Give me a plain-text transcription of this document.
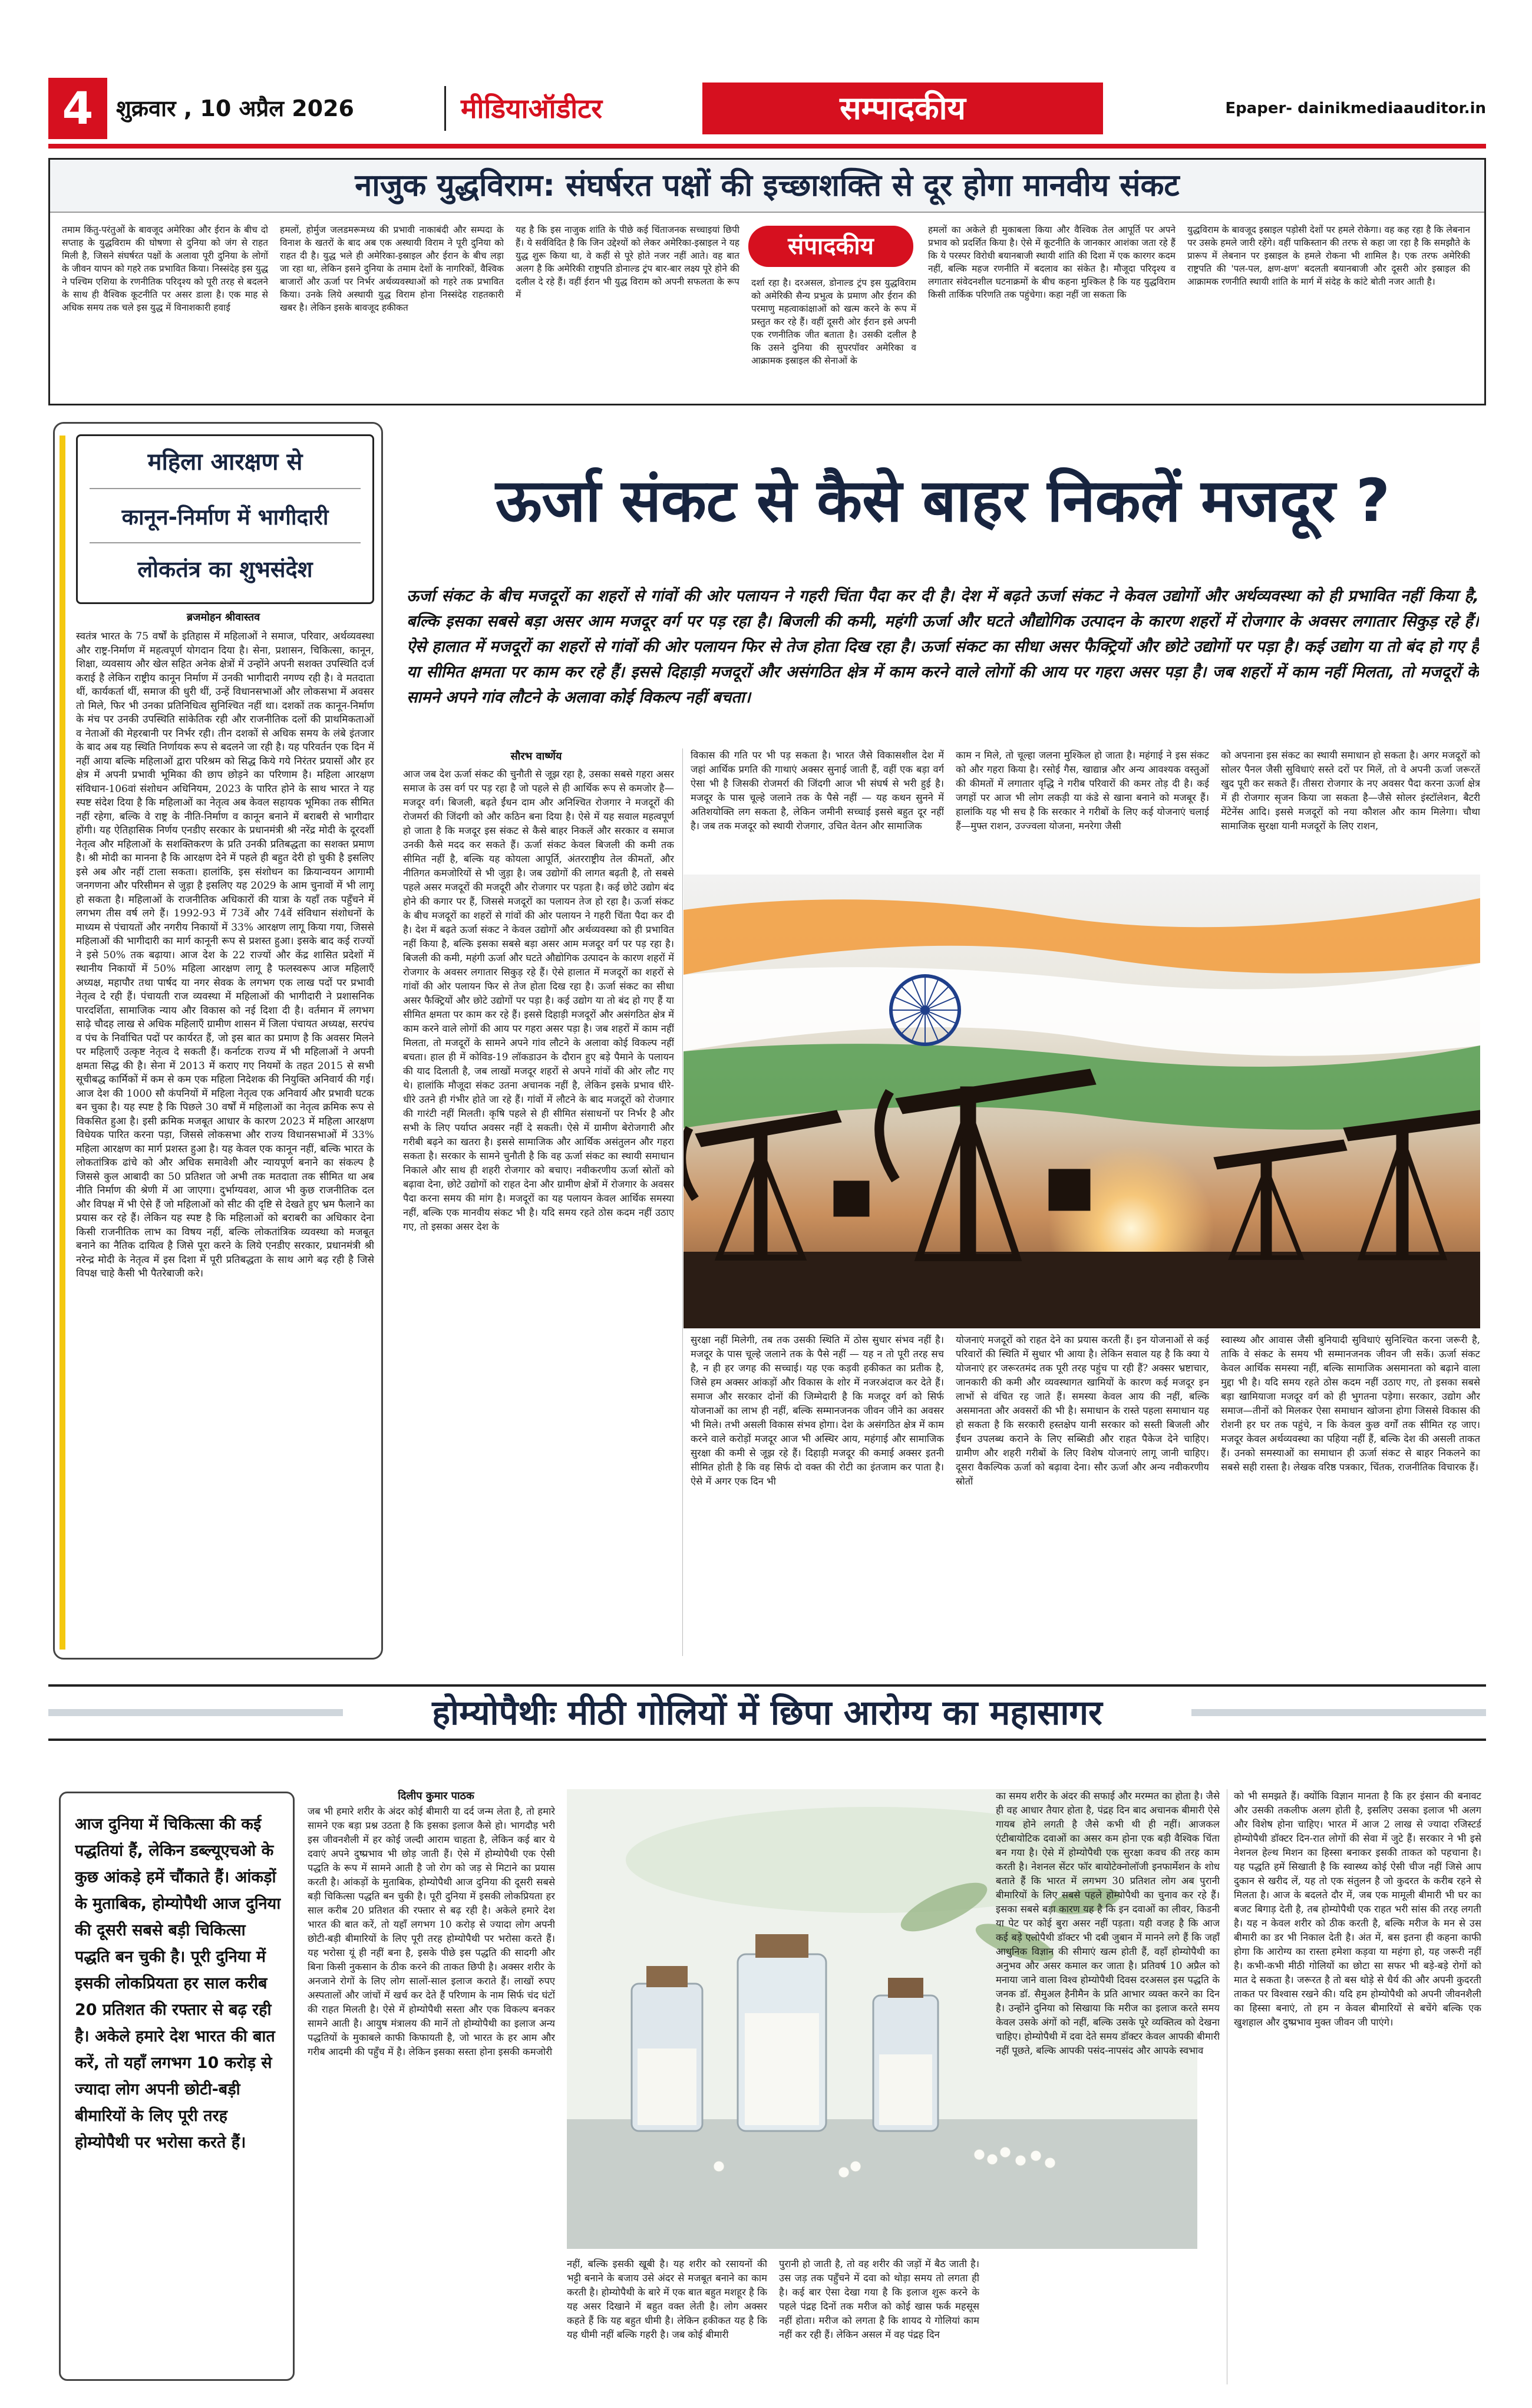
4	शुक्रवार , 10 अप्रैल 2026	मीडियाऑडीटर	सम्पादकीय	Epaper- dainikmediaauditor.in
नाजुक युद्धविराम: संघर्षरत पक्षों की इच्छाशक्ति से दूर होगा मानवीय संकट
तमाम किंतु-परंतुओं के बावजूद अमेरिका और ईरान के बीच दो सप्ताह के युद्धविराम की घोषणा से दुनिया को जंग से राहत मिली है, जिसने संघर्षरत पक्षों के अलावा पूरी दुनिया के लोगों के जीवन यापन को गहरे तक प्रभावित किया। निस्संदेह इस युद्ध ने पश्चिम एशिया के रणनीतिक परिदृश्य को पूरी तरह से बदलने के साथ ही वैश्विक कूटनीति पर असर डाला है। एक माह से अधिक समय तक चले इस युद्ध में विनाशकारी हवाई
हमलों, होर्मुज जलडमरूमध्य की प्रभावी नाकाबंदी और सम्पदा के विनाश के खतरों के बाद अब एक अस्थायी विराम ने पूरी दुनिया को राहत दी है। युद्ध भले ही अमेरिका-इस्राइल और ईरान के बीच लड़ा जा रहा था, लेकिन इसने दुनिया के तमाम देशों के नागरिकों, वैश्विक बाजारों और ऊर्जा पर निर्भर अर्थव्यवस्थाओं को गहरे तक प्रभावित किया। उनके लिये अस्थायी युद्ध विराम होना निस्संदेह राहतकारी खबर है। लेकिन इसके बावजूद हकीकत
यह है कि इस नाजुक शांति के पीछे कई चिंताजनक सच्चाइयां छिपी हैं। ये सर्वविदित है कि जिन उद्देश्यों को लेकर अमेरिका-इस्राइल ने यह युद्ध शुरू किया था, वे कहीं से पूरे होते नजर नहीं आते। वह बात अलग है कि अमेरिकी राष्ट्रपति डोनाल्ड ट्रंप बार-बार लक्ष्य पूरे होने की दलील दे रहे हैं। वहीं ईरान भी युद्ध विराम को अपनी सफलता के रूप में
संपादकीय
दर्शा रहा है। दरअसल, डोनाल्ड ट्रंप इस युद्धविराम को अमेरिकी सैन्य प्रभुत्व के प्रमाण और ईरान की परमाणु महत्वाकांक्षाओं को खत्म करने के रूप में प्रस्तुत कर रहे हैं। वहीं दूसरी ओर ईरान इसे अपनी एक रणनीतिक जीत बताता है। उसकी दलील है कि उसने दुनिया की सुपरपॉवर अमेरिका व आक्रामक इस्राइल की सेनाओं के
हमलों का अकेले ही मुकाबला किया और वैश्विक तेल आपूर्ति पर अपने प्रभाव को प्रदर्शित किया है। ऐसे में कूटनीति के जानकार आशंका जता रहे हैं कि ये परस्पर विरोधी बयानबाजी स्थायी शांति की दिशा में एक कारगर कदम नहीं, बल्कि महज रणनीति में बदलाव का संकेत है। मौजूदा परिदृश्य व लगातार संवेदनशील घटनाक्रमों के बीच कहना मुश्किल है कि यह युद्धविराम किसी तार्किक परिणति तक पहुंचेगा। कहा नहीं जा सकता कि
युद्धविराम के बावजूद इस्राइल पड़ोसी देशों पर हमले रोकेगा। वह कह रहा है कि लेबनान पर उसके हमले जारी रहेंगे। वहीं पाकिस्तान की तरफ से कहा जा रहा है कि समझौते के प्रारूप में लेबनान पर इस्राइल के हमले रोकना भी शामिल है। एक तरफ अमेरिकी राष्ट्रपति की 'पल-पल, क्षण-क्षण' बदलती बयानबाजी और दूसरी ओर इस्राइल की आक्रामक रणनीति स्थायी शांति के मार्ग में संदेह के कांटे बोती नजर आती है।
महिला आरक्षण से
कानून-निर्माण में भागीदारी
लोकतंत्र का शुभसंदेश
ब्रजमोहन श्रीवास्तव
स्वतंत्र भारत के 75 वर्षों के इतिहास में महिलाओं ने समाज, परिवार, अर्थव्यवस्था और राष्ट्र-निर्माण में महत्वपूर्ण योगदान दिया है। सेना, प्रशासन, चिकित्सा, कानून, शिक्षा, व्यवसाय और खेल सहित अनेक क्षेत्रों में उन्होंने अपनी सशक्त उपस्थिति दर्ज कराई है लेकिन राष्ट्रीय कानून निर्माण में उनकी भागीदारी नगण्य रही है। वे मतदाता थीं, कार्यकर्ता थीं, समाज की धुरी थीं, उन्हें विधानसभाओं और लोकसभा में अवसर तो मिले, फिर भी उनका प्रतिनिधित्व सुनिश्चित नहीं था। दशकों तक कानून-निर्माण के मंच पर उनकी उपस्थिति सांकेतिक रही और राजनीतिक दलों की प्राथमिकताओं व नेताओं की मेहरबानी पर निर्भर रही। तीन दशकों से अधिक समय के लंबे इंतजार के बाद अब यह स्थिति निर्णायक रूप से बदलने जा रही है। यह परिवर्तन एक दिन में नहीं आया बल्कि महिलाओं द्वारा परिश्रम को सिद्ध किये गये निरंतर प्रयासों और हर क्षेत्र में अपनी प्रभावी भूमिका की छाप छोड़ने का परिणाम है। महिला आरक्षण संविधान-106वां संशोधन अधिनियम, 2023 के पारित होने के साथ भारत ने यह स्पष्ट संदेश दिया है कि महिलाओं का नेतृत्व अब केवल सहायक भूमिका तक सीमित नहीं रहेगा, बल्कि वे राष्ट्र के नीति-निर्माण व कानून बनाने में बराबरी से भागीदार होंगी। यह ऐतिहासिक निर्णय एनडीए सरकार के प्रधानमंत्री श्री नरेंद्र मोदी के दूरदर्शी नेतृत्व और महिलाओं के सशक्तिकरण के प्रति उनकी प्रतिबद्धता का सशक्त प्रमाण है। श्री मोदी का मानना है कि आरक्षण देने में पहले ही बहुत देरी हो चुकी है इसलिए इसे अब और नहीं टाला सकता। हालांकि, इस संशोधन का क्रियान्वयन आगामी जनगणना और परिसीमन से जुड़ा है इसलिए यह 2029 के आम चुनावों में भी लागू हो सकता है। महिलाओं के राजनीतिक अधिकारों की यात्रा के यहाँ तक पहुँचने में लगभग तीस वर्ष लगे हैं। 1992-93 में 73वें और 74वें संविधान संशोधनों के माध्यम से पंचायतों और नगरीय निकायों में 33% आरक्षण लागू किया गया, जिससे महिलाओं की भागीदारी का मार्ग कानूनी रूप से प्रशस्त हुआ। इसके बाद कई राज्यों ने इसे 50% तक बढ़ाया। आज देश के 22 राज्यों और केंद्र शासित प्रदेशों में स्थानीय निकायों में 50% महिला आरक्षण लागू है फलस्वरूप आज महिलाएँ अध्यक्ष, महापौर तथा पार्षद या नगर सेवक के लगभग एक लाख पदों पर प्रभावी नेतृत्व दे रही हैं। पंचायती राज व्यवस्था में महिलाओं की भागीदारी ने प्रशासनिक पारदर्शिता, सामाजिक न्याय और विकास को नई दिशा दी है। वर्तमान में लगभग साढ़े चौदह लाख से अधिक महिलाएँ ग्रामीण शासन में जिला पंचायत अध्यक्ष, सरपंच व पंच के निर्वाचित पदों पर कार्यरत हैं, जो इस बात का प्रमाण है कि अवसर मिलने पर महिलाएँ उत्कृष्ट नेतृत्व दे सकती हैं। कर्नाटक राज्य में भी महिलाओं ने अपनी क्षमता सिद्ध की है। सेना में 2013 में कराए गए नियमों के तहत 2015 से सभी सूचीबद्ध कार्मिकों में कम से कम एक महिला निदेशक की नियुक्ति अनिवार्य की गई। आज देश की 1000 सौ कंपनियों में महिला नेतृत्व एक अनिवार्य और प्रभावी घटक बन चुका है। यह स्पष्ट है कि पिछले 30 वर्षों में महिलाओं का नेतृत्व क्रमिक रूप से विकसित हुआ है। इसी क्रमिक मजबूत आधार के कारण 2023 में महिला आरक्षण विधेयक पारित करना पड़ा, जिससे लोकसभा और राज्य विधानसभाओं में 33% महिला आरक्षण का मार्ग प्रशस्त हुआ है। यह केवल एक कानून नहीं, बल्कि भारत के लोकतांत्रिक ढांचे को और अधिक समावेशी और न्यायपूर्ण बनाने का संकल्प है जिससे कुल आबादी का 50 प्रतिशत जो अभी तक मतदाता तक सीमित था अब नीति निर्माण की श्रेणी में आ जाएगा। दुर्भाग्यवश, आज भी कुछ राजनीतिक दल और विपक्ष में भी ऐसे हैं जो महिलाओं को सीट की दृष्टि से देखते हुए भ्रम फैलाने का प्रयास कर रहे हैं। लेकिन यह स्पष्ट है कि महिलाओं को बराबरी का अधिकार देना किसी राजनीतिक लाभ का विषय नहीं, बल्कि लोकतांत्रिक व्यवस्था को मजबूत बनाने का नैतिक दायित्व है जिसे पूरा करने के लिये एनडीए सरकार, प्रधानमंत्री श्री नरेन्द्र मोदी के नेतृत्व में इस दिशा में पूरी प्रतिबद्धता के साथ आगे बढ़ रही है जिसे विपक्ष चाहे कैसी भी पैतरेबाजी करे।
ऊर्जा संकट से कैसे बाहर निकलें मजदूर ?
ऊर्जा संकट के बीच मजदूरों का शहरों से गांवों की ओर पलायन ने गहरी चिंता पैदा कर दी है। देश में बढ़ते ऊर्जा संकट ने केवल उद्योगों और अर्थव्यवस्था को ही प्रभावित नहीं किया है, बल्कि इसका सबसे बड़ा असर आम मजदूर वर्ग पर पड़ रहा है। बिजली की कमी, महंगी ऊर्जा और घटते औद्योगिक उत्पादन के कारण शहरों में रोजगार के अवसर लगातार सिकुड़ रहे हैं। ऐसे हालात में मजदूरों का शहरों से गांवों की ओर पलायन फिर से तेज होता दिख रहा है। ऊर्जा संकट का सीधा असर फैक्ट्रियों और छोटे उद्योगों पर पड़ा है। कई उद्योग या तो बंद हो गए हैं या सीमित क्षमता पर काम कर रहे हैं। इससे दिहाड़ी मजदूरों और असंगठित क्षेत्र में काम करने वाले लोगों की आय पर गहरा असर पड़ा है। जब शहरों में काम नहीं मिलता, तो मजदूरों के सामने अपने गांव लौटने के अलावा कोई विकल्प नहीं बचता।
सौरभ वार्ष्णेय
आज जब देश ऊर्जा संकट की चुनौती से जूझ रहा है, उसका सबसे गहरा असर समाज के उस वर्ग पर पड़ रहा है जो पहले से ही आर्थिक रूप से कमजोर है—मजदूर वर्ग। बिजली, बढ़ते ईंधन दाम और अनिश्चित रोजगार ने मजदूरों की रोजमर्रा की जिंदगी को और कठिन बना दिया है। ऐसे में यह सवाल महत्वपूर्ण हो जाता है कि मजदूर इस संकट से कैसे बाहर निकलें और सरकार व समाज उनकी कैसे मदद कर सकते हैं। ऊर्जा संकट केवल बिजली की कमी तक सीमित नहीं है, बल्कि यह कोयला आपूर्ति, अंतरराष्ट्रीय तेल कीमतों, और नीतिगत कमजोरियों से भी जुड़ा है। जब उद्योगों की लागत बढ़ती है, तो सबसे पहले असर मजदूरों की मजदूरी और रोजगार पर पड़ता है। कई छोटे उद्योग बंद होने की कगार पर हैं, जिससे मजदूरों का पलायन तेज हो रहा है। ऊर्जा संकट के बीच मजदूरों का शहरों से गांवों की ओर पलायन ने गहरी चिंता पैदा कर दी है। देश में बढ़ते ऊर्जा संकट ने केवल उद्योगों और अर्थव्यवस्था को ही प्रभावित नहीं किया है, बल्कि इसका सबसे बड़ा असर आम मजदूर वर्ग पर पड़ रहा है। बिजली की कमी, महंगी ऊर्जा और घटते औद्योगिक उत्पादन के कारण शहरों में रोजगार के अवसर लगातार सिकुड़ रहे हैं। ऐसे हालात में मजदूरों का शहरों से गांवों की ओर पलायन फिर से तेज होता दिख रहा है। ऊर्जा संकट का सीधा असर फैक्ट्रियों और छोटे उद्योगों पर पड़ा है। कई उद्योग या तो बंद हो गए हैं या सीमित क्षमता पर काम कर रहे हैं। इससे दिहाड़ी मजदूरों और असंगठित क्षेत्र में काम करने वाले लोगों की आय पर गहरा असर पड़ा है। जब शहरों में काम नहीं मिलता, तो मजदूरों के सामने अपने गांव लौटने के अलावा कोई विकल्प नहीं बचता। हाल ही में कोविड-19 लॉकडाउन के दौरान हुए बड़े पैमाने के पलायन की याद दिलाती है, जब लाखों मजदूर शहरों से अपने गांवों की ओर लौट गए थे। हालांकि मौजूदा संकट उतना अचानक नहीं है, लेकिन इसके प्रभाव धीरे-धीरे उतने ही गंभीर होते जा रहे हैं। गांवों में लौटने के बाद मजदूरों को रोजगार की गारंटी नहीं मिलती। कृषि पहले से ही सीमित संसाधनों पर निर्भर है और सभी के लिए पर्याप्त अवसर नहीं दे सकती। ऐसे में ग्रामीण बेरोजगारी और गरीबी बढ़ने का खतरा है। इससे सामाजिक और आर्थिक असंतुलन और गहरा सकता है। सरकार के सामने चुनौती है कि वह ऊर्जा संकट का स्थायी समाधान निकाले और साथ ही शहरी रोजगार को बचाए। नवीकरणीय ऊर्जा स्रोतों को बढ़ावा देना, छोटे उद्योगों को राहत देना और ग्रामीण क्षेत्रों में रोजगार के अवसर पैदा करना समय की मांग है। मजदूरों का यह पलायन केवल आर्थिक समस्या नहीं, बल्कि एक मानवीय संकट भी है। यदि समय रहते ठोस कदम नहीं उठाए गए, तो इसका असर देश के
विकास की गति पर भी पड़ सकता है। भारत जैसे विकासशील देश में जहां आर्थिक प्रगति की गाथाएं अक्सर सुनाई जाती हैं, वहीं एक बड़ा वर्ग ऐसा भी है जिसकी रोजमर्रा की जिंदगी आज भी संघर्ष से भरी हुई है। मजदूर के पास चूल्हे जलाने तक के पैसे नहीं — यह कथन सुनने में अतिशयोक्ति लग सकता है, लेकिन जमीनी सच्चाई इससे बहुत दूर नहीं है। जब तक मजदूर को स्थायी रोजगार, उचित वेतन और सामाजिक
काम न मिले, तो चूल्हा जलना मुश्किल हो जाता है। महंगाई ने इस संकट को और गहरा किया है। रसोई गैस, खाद्यान्न और अन्य आवश्यक वस्तुओं की कीमतों में लगातार वृद्धि ने गरीब परिवारों की कमर तोड़ दी है। कई जगहों पर आज भी लोग लकड़ी या कंडे से खाना बनाने को मजबूर हैं। हालांकि यह भी सच है कि सरकार ने गरीबों के लिए कई योजनाएं चलाई हैं—मुफ्त राशन, उज्ज्वला योजना, मनरेगा जैसी
को अपनाना इस संकट का स्थायी समाधान हो सकता है। अगर मजदूरों को सोलर पैनल जैसी सुविधाएं सस्ते दरों पर मिलें, तो वे अपनी ऊर्जा जरूरतें खुद पूरी कर सकते हैं। तीसरा रोजगार के नए अवसर पैदा करना ऊर्जा क्षेत्र में ही रोजगार सृजन किया जा सकता है—जैसे सोलर इंस्टॉलेशन, बैटरी मेंटेनेंस आदि। इससे मजदूरों को नया कौशल और काम मिलेगा। चौथा सामाजिक सुरक्षा यानी मजदूरों के लिए राशन,
सुरक्षा नहीं मिलेगी, तब तक उसकी स्थिति में ठोस सुधार संभव नहीं है। मजदूर के पास चूल्हे जलाने तक के पैसे नहीं — यह न तो पूरी तरह सच है, न ही हर जगह की सच्चाई। यह एक कड़वी हकीकत का प्रतीक है, जिसे हम अक्सर आंकड़ों और विकास के शोर में नजरअंदाज कर देते हैं। समाज और सरकार दोनों की जिम्मेदारी है कि मजदूर वर्ग को सिर्फ योजनाओं का लाभ ही नहीं, बल्कि सम्मानजनक जीवन जीने का अवसर भी मिले। तभी असली विकास संभव होगा। देश के असंगठित क्षेत्र में काम करने वाले करोड़ों मजदूर आज भी अस्थिर आय, महंगाई और सामाजिक सुरक्षा की कमी से जूझ रहे हैं। दिहाड़ी मजदूर की कमाई अक्सर इतनी सीमित होती है कि वह सिर्फ दो वक्त की रोटी का इंतजाम कर पाता है। ऐसे में अगर एक दिन भी
योजनाएं मजदूरों को राहत देने का प्रयास करती हैं। इन योजनाओं से कई परिवारों की स्थिति में सुधार भी आया है। लेकिन सवाल यह है कि क्या ये योजनाएं हर जरूरतमंद तक पूरी तरह पहुंच पा रही हैं? अक्सर भ्रष्टाचार, जानकारी की कमी और व्यवस्थागत खामियों के कारण कई मजदूर इन लाभों से वंचित रह जाते हैं। समस्या केवल आय की नहीं, बल्कि असमानता और अवसरों की भी है। समाधान के रास्ते पहला समाधान यह हो सकता है कि सरकारी हस्तक्षेप यानी सरकार को सस्ती बिजली और ईंधन उपलब्ध कराने के लिए सब्सिडी और राहत पैकेज देने चाहिए। ग्रामीण और शहरी गरीबों के लिए विशेष योजनाएं लागू जानी चाहिए। दूसरा वैकल्पिक ऊर्जा को बढ़ावा देना। सौर ऊर्जा और अन्य नवीकरणीय स्रोतों
स्वास्थ्य और आवास जैसी बुनियादी सुविधाएं सुनिश्चित करना जरूरी है, ताकि वे संकट के समय भी सम्मानजनक जीवन जी सकें। ऊर्जा संकट केवल आर्थिक समस्या नहीं, बल्कि सामाजिक असमानता को बढ़ाने वाला मुद्दा भी है। यदि समय रहते ठोस कदम नहीं उठाए गए, तो इसका सबसे बड़ा खामियाजा मजदूर वर्ग को ही भुगतना पड़ेगा। सरकार, उद्योग और समाज—तीनों को मिलकर ऐसा समाधान खोजना होगा जिससे विकास की रोशनी हर घर तक पहुंचे, न कि केवल कुछ वर्गों तक सीमित रह जाए। मजदूर केवल अर्थव्यवस्था का पहिया नहीं हैं, बल्कि देश की असली ताकत हैं। उनको समस्याओं का समाधान ही ऊर्जा संकट से बाहर निकलने का सबसे सही रास्ता है। लेखक वरिष्ठ पत्रकार, चिंतक, राजनीतिक विचारक हैं।
होम्योपैथीः मीठी गोलियों में छिपा आरोग्य का महासागर
आज दुनिया में चिकित्सा की कई पद्धतियां हैं, लेकिन डब्ल्यूएचओ के कुछ आंकड़े हमें चौंकाते हैं। आंकड़ों के मुताबिक, होम्योपैथी आज दुनिया की दूसरी सबसे बड़ी चिकित्सा पद्धति बन चुकी है। पूरी दुनिया में इसकी लोकप्रियता हर साल करीब 20 प्रतिशत की रफ्तार से बढ़ रही है। अकेले हमारे देश भारत की बात करें, तो यहाँ लगभग 10 करोड़ से ज्यादा लोग अपनी छोटी-बड़ी बीमारियों के लिए पूरी तरह होम्योपैथी पर भरोसा करते हैं।
दिलीप कुमार पाठक
जब भी हमारे शरीर के अंदर कोई बीमारी या दर्द जन्म लेता है, तो हमारे सामने एक बड़ा प्रश्न उठता है कि इसका इलाज कैसे हो। भागदौड़ भरी इस जीवनशैली में हर कोई जल्दी आराम चाहता है, लेकिन कई बार ये दवाएं अपने दुष्प्रभाव भी छोड़ जाती हैं। ऐसे में होम्योपैथी एक ऐसी पद्धति के रूप में सामने आती है जो रोग को जड़ से मिटाने का प्रयास करती है। आंकड़ों के मुताबिक, होम्योपैथी आज दुनिया की दूसरी सबसे बड़ी चिकित्सा पद्धति बन चुकी है। पूरी दुनिया में इसकी लोकप्रियता हर साल करीब 20 प्रतिशत की रफ्तार से बढ़ रही है। अकेले हमारे देश भारत की बात करें, तो यहाँ लगभग 10 करोड़ से ज्यादा लोग अपनी छोटी-बड़ी बीमारियों के लिए पूरी तरह होम्योपैथी पर भरोसा करते हैं। यह भरोसा यूं ही नहीं बना है, इसके पीछे इस पद्धति की सादगी और बिना किसी नुकसान के ठीक करने की ताकत छिपी है। अक्सर शरीर के अनजाने रोगों के लिए लोग सालों-साल इलाज कराते हैं। लाखों रुपए अस्पतालों और जांचों में खर्च कर देते हैं परिणाम के नाम सिर्फ चंद घंटों की राहत मिलती है। ऐसे में होम्योपैथी सस्ता और एक विकल्प बनकर सामने आती है। आयुष मंत्रालय की मानें तो होम्योपैथी का इलाज अन्य पद्धतियों के मुकाबले काफी किफायती है, जो भारत के हर आम और गरीब आदमी की पहुँच में है। लेकिन इसका सस्ता होना इसकी कमजोरी
नहीं, बल्कि इसकी खूबी है। यह शरीर को रसायनों की भट्टी बनाने के बजाय उसे अंदर से मजबूत बनाने का काम करती है। होम्योपैथी के बारे में एक बात बहुत मशहूर है कि यह असर दिखाने में बहुत वक्त लेती है। लोग अक्सर कहते हैं कि यह बहुत धीमी है। लेकिन हकीकत यह है कि यह धीमी नहीं बल्कि गहरी है। जब कोई बीमारी
पुरानी हो जाती है, तो वह शरीर की जड़ों में बैठ जाती है। उस जड़ तक पहुँचने में दवा को थोड़ा समय तो लगता ही है। कई बार ऐसा देखा गया है कि इलाज शुरू करने के पहले पंद्रह दिनों तक मरीज को कोई खास फर्क महसूस नहीं होता। मरीज को लगता है कि शायद ये गोलियां काम नहीं कर रही हैं। लेकिन असल में वह पंद्रह दिन
का समय शरीर के अंदर की सफाई और मरम्मत का होता है। जैसे ही वह आधार तैयार होता है, पंद्रह दिन बाद अचानक बीमारी ऐसे गायब होने लगती है जैसे कभी थी ही नहीं। आजकल एंटीबायोटिक दवाओं का असर कम होना एक बड़ी वैश्विक चिंता बन गया है। ऐसे में होम्योपैथी एक सुरक्षा कवच की तरह काम करती है। नेशनल सेंटर फॉर बायोटेक्नोलॉजी इनफार्मेशन के शोध बताते हैं कि भारत में लगभग 30 प्रतिशत लोग अब पुरानी बीमारियों के लिए सबसे पहले होम्योपैथी का चुनाव कर रहे हैं। इसका सबसे बड़ा कारण यह है कि इन दवाओं का लीवर, किडनी या पेट पर कोई बुरा असर नहीं पड़ता। यही वजह है कि आज कई बड़े एलोपैथी डॉक्टर भी दबी जुबान में मानने लगे हैं कि जहाँ आधुनिक विज्ञान की सीमाएं खत्म होती हैं, वहाँ होम्योपैथी का अनुभव और असर कमाल कर जाता है। प्रतिवर्ष 10 अप्रैल को मनाया जाने वाला विश्व होम्योपैथी दिवस दरअसल इस पद्धति के जनक डॉ. सैमुअल हैनीमैन के प्रति आभार व्यक्त करने का दिन है। उन्होंने दुनिया को सिखाया कि मरीज का इलाज करते समय केवल उसके अंगों को नहीं, बल्कि उसके पूरे व्यक्तित्व को देखना चाहिए। होम्योपैथी में दवा देते समय डॉक्टर केवल आपकी बीमारी नहीं पूछते, बल्कि आपकी पसंद-नापसंद और आपके स्वभाव
को भी समझते हैं। क्योंकि विज्ञान मानता है कि हर इंसान की बनावट और उसकी तकलीफ अलग होती है, इसलिए उसका इलाज भी अलग और विशेष होना चाहिए। भारत में आज 2 लाख से ज्यादा रजिस्टर्ड होम्योपैथी डॉक्टर दिन-रात लोगों की सेवा में जुटे हैं। सरकार ने भी इसे नेशनल हेल्थ मिशन का हिस्सा बनाकर इसकी ताकत को पहचाना है। यह पद्धति हमें सिखाती है कि स्वास्थ्य कोई ऐसी चीज नहीं जिसे आप दुकान से खरीद लें, यह तो एक संतुलन है जो कुदरत के करीब रहने से मिलता है। आज के बदलते दौर में, जब एक मामूली बीमारी भी घर का बजट बिगाड़ देती है, तब होम्योपैथी एक राहत भरी सांस की तरह लगती है। यह न केवल शरीर को ठीक करती है, बल्कि मरीज के मन से उस बीमारी का डर भी निकाल देती है। अंत में, बस इतना ही कहना काफी होगा कि आरोग्य का रास्ता हमेशा कड़वा या महंगा हो, यह जरूरी नहीं है। कभी-कभी मीठी गोलियों का छोटा सा सफर भी बड़े-बड़े रोगों को मात दे सकता है। जरूरत है तो बस थोड़े से धैर्य की और अपनी कुदरती ताकत पर विश्वास रखने की। यदि हम होम्योपैथी को अपनी जीवनशैली का हिस्सा बनाएं, तो हम न केवल बीमारियों से बचेंगे बल्कि एक खुशहाल और दुष्प्रभाव मुक्त जीवन जी पाएंगे।
